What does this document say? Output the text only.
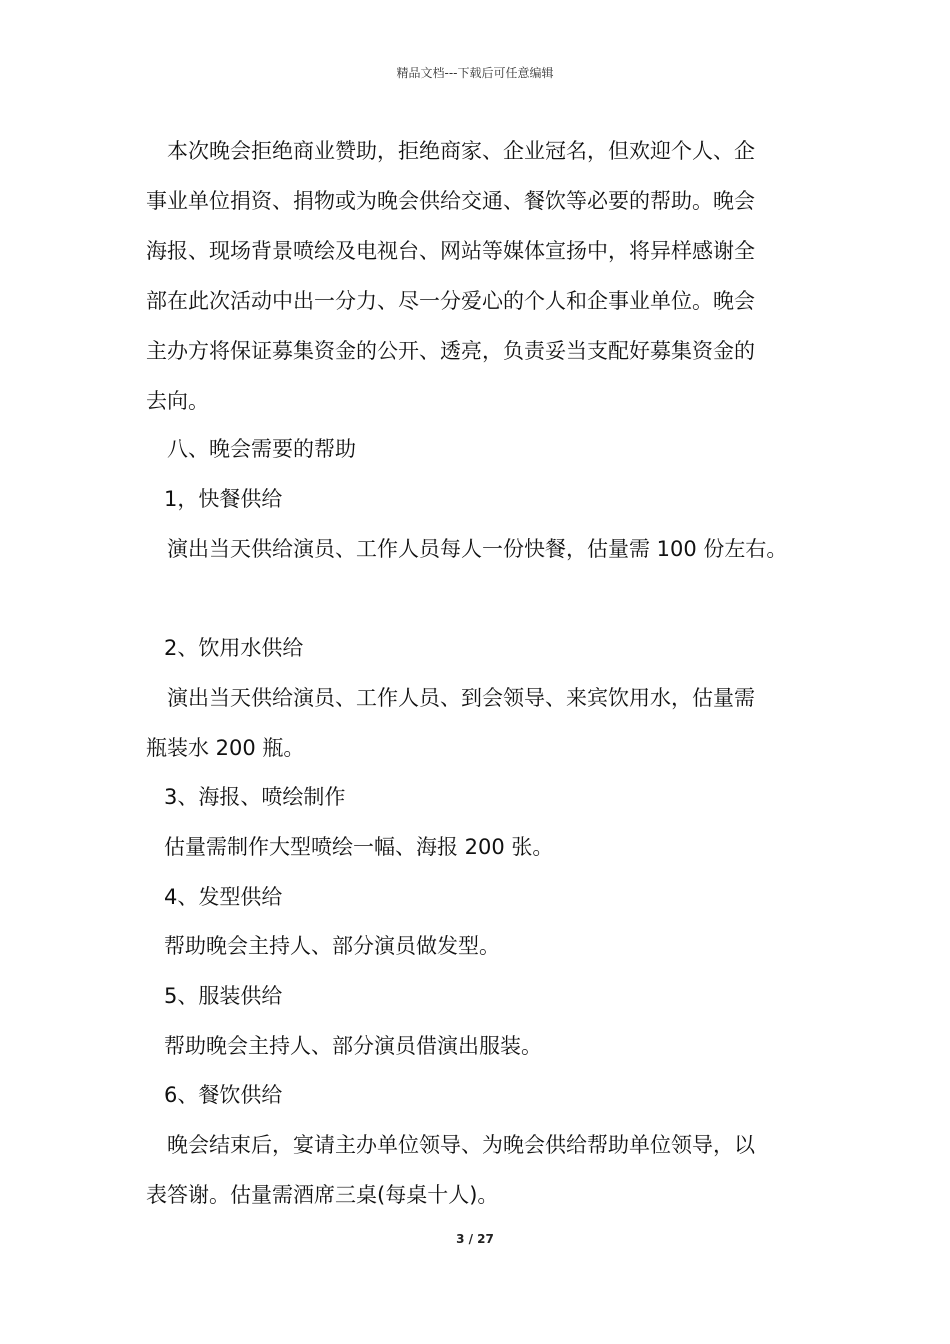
精品文档---下载后可任意编辑
本次晚会拒绝商业赞助，拒绝商家、企业冠名，但欢迎个人、企
事业单位捐资、捐物或为晚会供给交通、餐饮等必要的帮助。晚会
海报、现场背景喷绘及电视台、网站等媒体宣扬中，将异样感谢全
部在此次活动中出一分力、尽一分爱心的个人和企事业单位。晚会
主办方将保证募集资金的公开、透亮，负责妥当支配好募集资金的
去向。
八、晚会需要的帮助
1，快餐供给
演出当天供给演员、工作人员每人一份快餐，估量需 100 份左右。
2、饮用水供给
演出当天供给演员、工作人员、到会领导、来宾饮用水，估量需
瓶装水 200 瓶。
3、海报、喷绘制作
估量需制作大型喷绘一幅、海报 200 张。
4、发型供给
帮助晚会主持人、部分演员做发型。
5、服装供给
帮助晚会主持人、部分演员借演出服装。
6、餐饮供给
晚会结束后，宴请主办单位领导、为晚会供给帮助单位领导，以
表答谢。估量需酒席三桌(每桌十人)。
3 / 27
